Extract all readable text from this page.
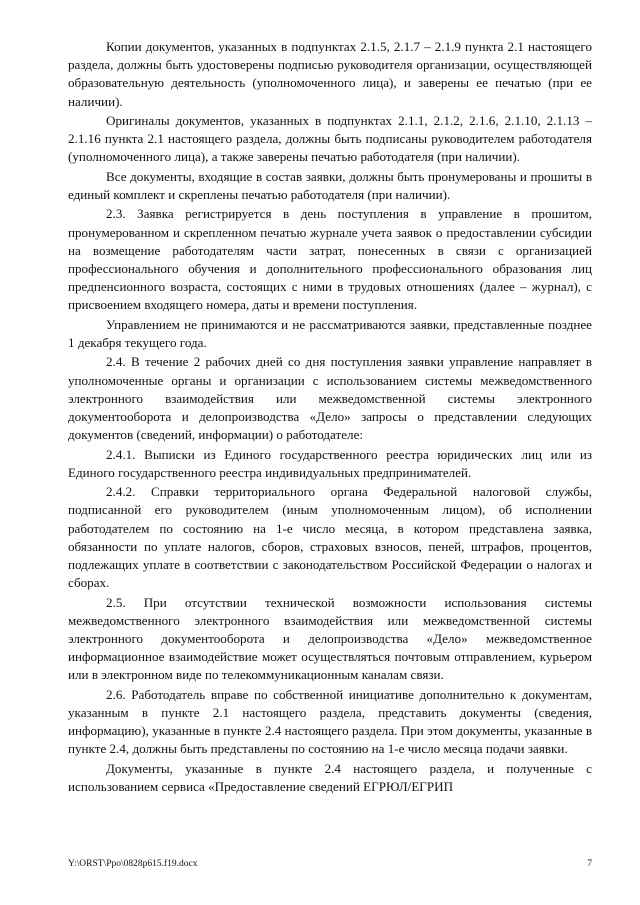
Копии документов, указанных в подпунктах 2.1.5, 2.1.7 – 2.1.9 пункта 2.1 настоящего раздела, должны быть удостоверены подписью руководителя организации, осуществляющей образовательную деятельность (уполномоченного лица), и заверены ее печатью (при ее наличии).

Оригиналы документов, указанных в подпунктах 2.1.1, 2.1.2, 2.1.6, 2.1.10, 2.1.13 – 2.1.16 пункта 2.1 настоящего раздела, должны быть подписаны руководителем работодателя (уполномоченного лица), а также заверены печатью работодателя (при наличии).

Все документы, входящие в состав заявки, должны быть пронумерованы и прошиты в единый комплект и скреплены печатью работодателя (при наличии).

2.3. Заявка регистрируется в день поступления в управление в прошитом, пронумерованном и скрепленном печатью журнале учета заявок о предоставлении субсидии на возмещение работодателям части затрат, понесенных в связи с организацией профессионального обучения и дополнительного профессионального образования лиц предпенсионного возраста, состоящих с ними в трудовых отношениях (далее – журнал), с присвоением входящего номера, даты и времени поступления.

Управлением не принимаются и не рассматриваются заявки, представленные позднее 1 декабря текущего года.

2.4. В течение 2 рабочих дней со дня поступления заявки управление направляет в уполномоченные органы и организации с использованием системы межведомственного электронного взаимодействия или межведомственной системы электронного документооборота и делопроизводства «Дело» запросы о представлении следующих документов (сведений, информации) о работодателе:

2.4.1. Выписки из Единого государственного реестра юридических лиц или из Единого государственного реестра индивидуальных предпринимателей.

2.4.2. Справки территориального органа Федеральной налоговой службы, подписанной его руководителем (иным уполномоченным лицом), об исполнении работодателем по состоянию на 1-е число месяца, в котором представлена заявка, обязанности по уплате налогов, сборов, страховых взносов, пеней, штрафов, процентов, подлежащих уплате в соответствии с законодательством Российской Федерации о налогах и сборах.

2.5. При отсутствии технической возможности использования системы межведомственного электронного взаимодействия или межведомственной системы электронного документооборота и делопроизводства «Дело» межведомственное информационное взаимодействие может осуществляться почтовым отправлением, курьером или в электронном виде по телекоммуникационным каналам связи.

2.6. Работодатель вправе по собственной инициативе дополнительно к документам, указанным в пункте 2.1 настоящего раздела, представить документы (сведения, информацию), указанные в пункте 2.4 настоящего раздела. При этом документы, указанные в пункте 2.4, должны быть представлены по состоянию на 1-е число месяца подачи заявки.

Документы, указанные в пункте 2.4 настоящего раздела, и полученные с использованием сервиса «Предоставление сведений ЕГРЮЛ/ЕГРИП

Y:\ORST\Ppo\0828p615.f19.docx	7
